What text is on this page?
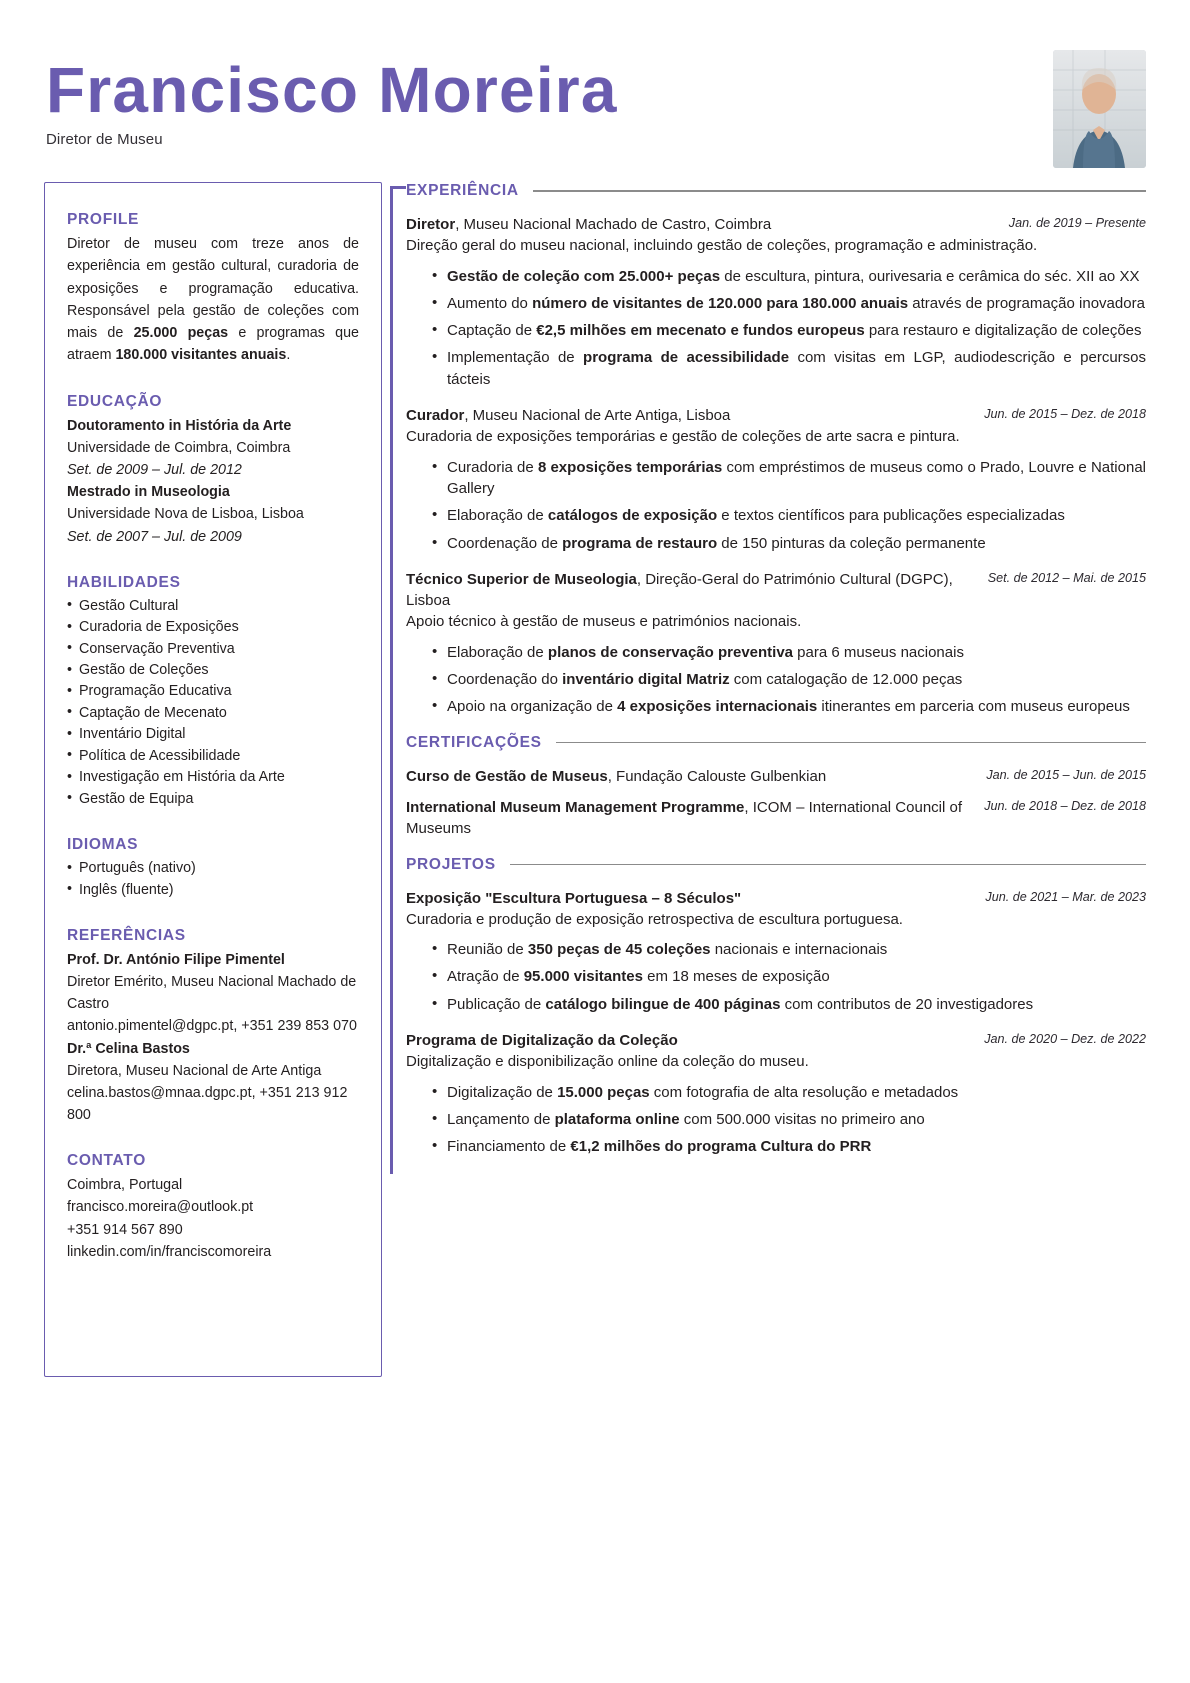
Francisco Moreira
Diretor de Museu
PROFILE
Diretor de museu com treze anos de experiência em gestão cultural, curadoria de exposições e programação educativa. Responsável pela gestão de coleções com mais de 25.000 peças e programas que atraem 180.000 visitantes anuais.
EDUCAÇÃO
Doutoramento in História da Arte
Universidade de Coimbra, Coimbra
Set. de 2009 – Jul. de 2012
Mestrado in Museologia
Universidade Nova de Lisboa, Lisboa
Set. de 2007 – Jul. de 2009
HABILIDADES
• Gestão Cultural
• Curadoria de Exposições
• Conservação Preventiva
• Gestão de Coleções
• Programação Educativa
• Captação de Mecenato
• Inventário Digital
• Política de Acessibilidade
• Investigação em História da Arte
• Gestão de Equipa
IDIOMAS
• Português (nativo)
• Inglês (fluente)
REFERÊNCIAS
Prof. Dr. António Filipe Pimentel
Diretor Emérito, Museu Nacional Machado de Castro
antonio.pimentel@dgpc.pt, +351 239 853 070
Dr.ª Celina Bastos
Diretora, Museu Nacional de Arte Antiga
celina.bastos@mnaa.dgpc.pt, +351 213 912 800
CONTATO
Coimbra, Portugal
francisco.moreira@outlook.pt
+351 914 567 890
linkedin.com/in/franciscomoreira
EXPERIÊNCIA
Diretor, Museu Nacional Machado de Castro, Coimbra	Jan. de 2019 – Presente
Direção geral do museu nacional, incluindo gestão de coleções, programação e administração.
• Gestão de coleção com 25.000+ peças de escultura, pintura, ourivesaria e cerâmica do séc. XII ao XX
• Aumento do número de visitantes de 120.000 para 180.000 anuais através de programação inovadora
• Captação de €2,5 milhões em mecenato e fundos europeus para restauro e digitalização de coleções
• Implementação de programa de acessibilidade com visitas em LGP, audiodescrição e percursos tácteis
Curador, Museu Nacional de Arte Antiga, Lisboa	Jun. de 2015 – Dez. de 2018
Curadoria de exposições temporárias e gestão de coleções de arte sacra e pintura.
• Curadoria de 8 exposições temporárias com empréstimos de museus como o Prado, Louvre e National Gallery
• Elaboração de catálogos de exposição e textos científicos para publicações especializadas
• Coordenação de programa de restauro de 150 pinturas da coleção permanente
Técnico Superior de Museologia, Direção-Geral do Património Cultural (DGPC), Lisboa
Set. de 2012 – Mai. de 2015
Apoio técnico à gestão de museus e patrimónios nacionais.
• Elaboração de planos de conservação preventiva para 6 museus nacionais
• Coordenação do inventário digital Matriz com catalogação de 12.000 peças
• Apoio na organização de 4 exposições internacionais itinerantes em parceria com museus europeus
CERTIFICAÇÕES
Curso de Gestão de Museus, Fundação Calouste Gulbenkian	Jan. de 2015 – Jun. de 2015
International Museum Management Programme, ICOM – International Council of Museums
Jun. de 2018 – Dez. de 2018
PROJETOS
Exposição "Escultura Portuguesa – 8 Séculos"	Jun. de 2021 – Mar. de 2023
Curadoria e produção de exposição retrospectiva de escultura portuguesa.
• Reunião de 350 peças de 45 coleções nacionais e internacionais
• Atração de 95.000 visitantes em 18 meses de exposição
• Publicação de catálogo bilingue de 400 páginas com contributos de 20 investigadores
Programa de Digitalização da Coleção	Jan. de 2020 – Dez. de 2022
Digitalização e disponibilização online da coleção do museu.
• Digitalização de 15.000 peças com fotografia de alta resolução e metadados
• Lançamento de plataforma online com 500.000 visitas no primeiro ano
• Financiamento de €1,2 milhões do programa Cultura do PRR
